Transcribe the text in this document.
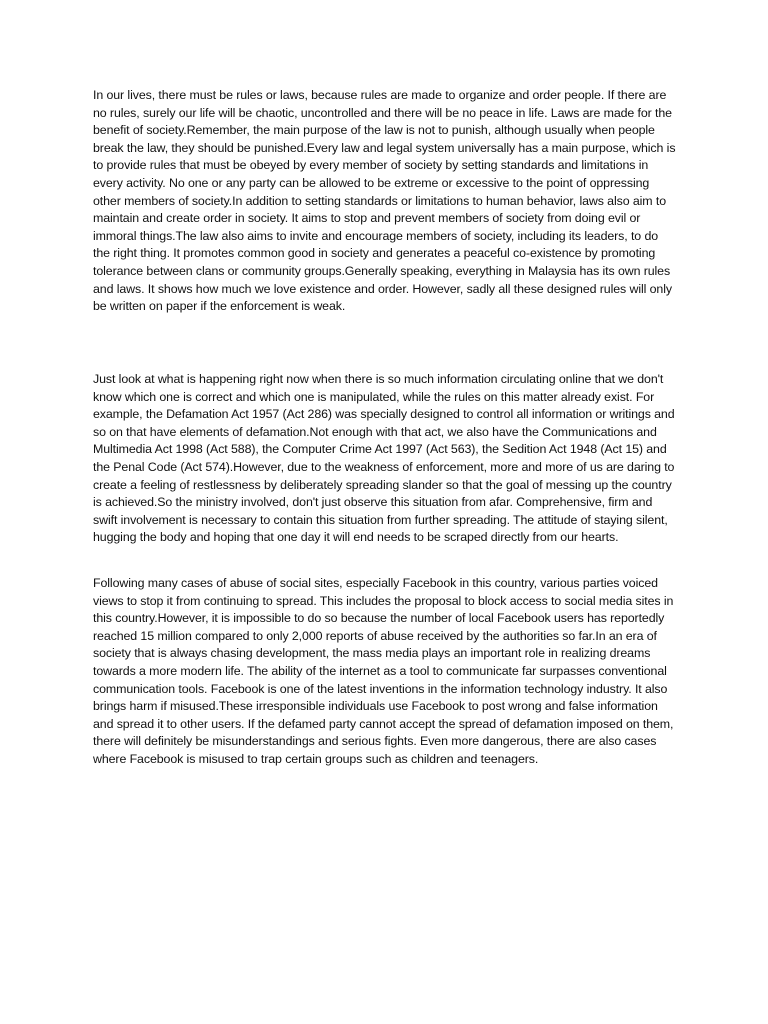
In our lives, there must be rules or laws, because rules are made to organize and order people. If there are no rules, surely our life will be chaotic, uncontrolled and there will be no peace in life. Laws are made for the benefit of society.Remember, the main purpose of the law is not to punish, although usually when people break the law, they should be punished.Every law and legal system universally has a main purpose, which is to provide rules that must be obeyed by every member of society by setting standards and limitations in every activity. No one or any party can be allowed to be extreme or excessive to the point of oppressing other members of society.In addition to setting standards or limitations to human behavior, laws also aim to maintain and create order in society. It aims to stop and prevent members of society from doing evil or immoral things.The law also aims to invite and encourage members of society, including its leaders, to do the right thing. It promotes common good in society and generates a peaceful co-existence by promoting tolerance between clans or community groups.Generally speaking, everything in Malaysia has its own rules and laws. It shows how much we love existence and order. However, sadly all these designed rules will only be written on paper if the enforcement is weak.

Just look at what is happening right now when there is so much information circulating online that we don't know which one is correct and which one is manipulated, while the rules on this matter already exist. For example, the Defamation Act 1957 (Act 286) was specially designed to control all information or writings and so on that have elements of defamation.Not enough with that act, we also have the Communications and Multimedia Act 1998 (Act 588), the Computer Crime Act 1997 (Act 563), the Sedition Act 1948 (Act 15) and the Penal Code (Act 574).However, due to the weakness of enforcement, more and more of us are daring to create a feeling of restlessness by deliberately spreading slander so that the goal of messing up the country is achieved.So the ministry involved, don't just observe this situation from afar. Comprehensive, firm and swift involvement is necessary to contain this situation from further spreading. The attitude of staying silent, hugging the body and hoping that one day it will end needs to be scraped directly from our hearts.

Following many cases of abuse of social sites, especially Facebook in this country, various parties voiced views to stop it from continuing to spread. This includes the proposal to block access to social media sites in this country.However, it is impossible to do so because the number of local Facebook users has reportedly reached 15 million compared to only 2,000 reports of abuse received by the authorities so far.In an era of society that is always chasing development, the mass media plays an important role in realizing dreams towards a more modern life. The ability of the internet as a tool to communicate far surpasses conventional communication tools. Facebook is one of the latest inventions in the information technology industry. It also brings harm if misused.These irresponsible individuals use Facebook to post wrong and false information and spread it to other users. If the defamed party cannot accept the spread of defamation imposed on them, there will definitely be misunderstandings and serious fights. Even more dangerous, there are also cases where Facebook is misused to trap certain groups such as children and teenagers.
